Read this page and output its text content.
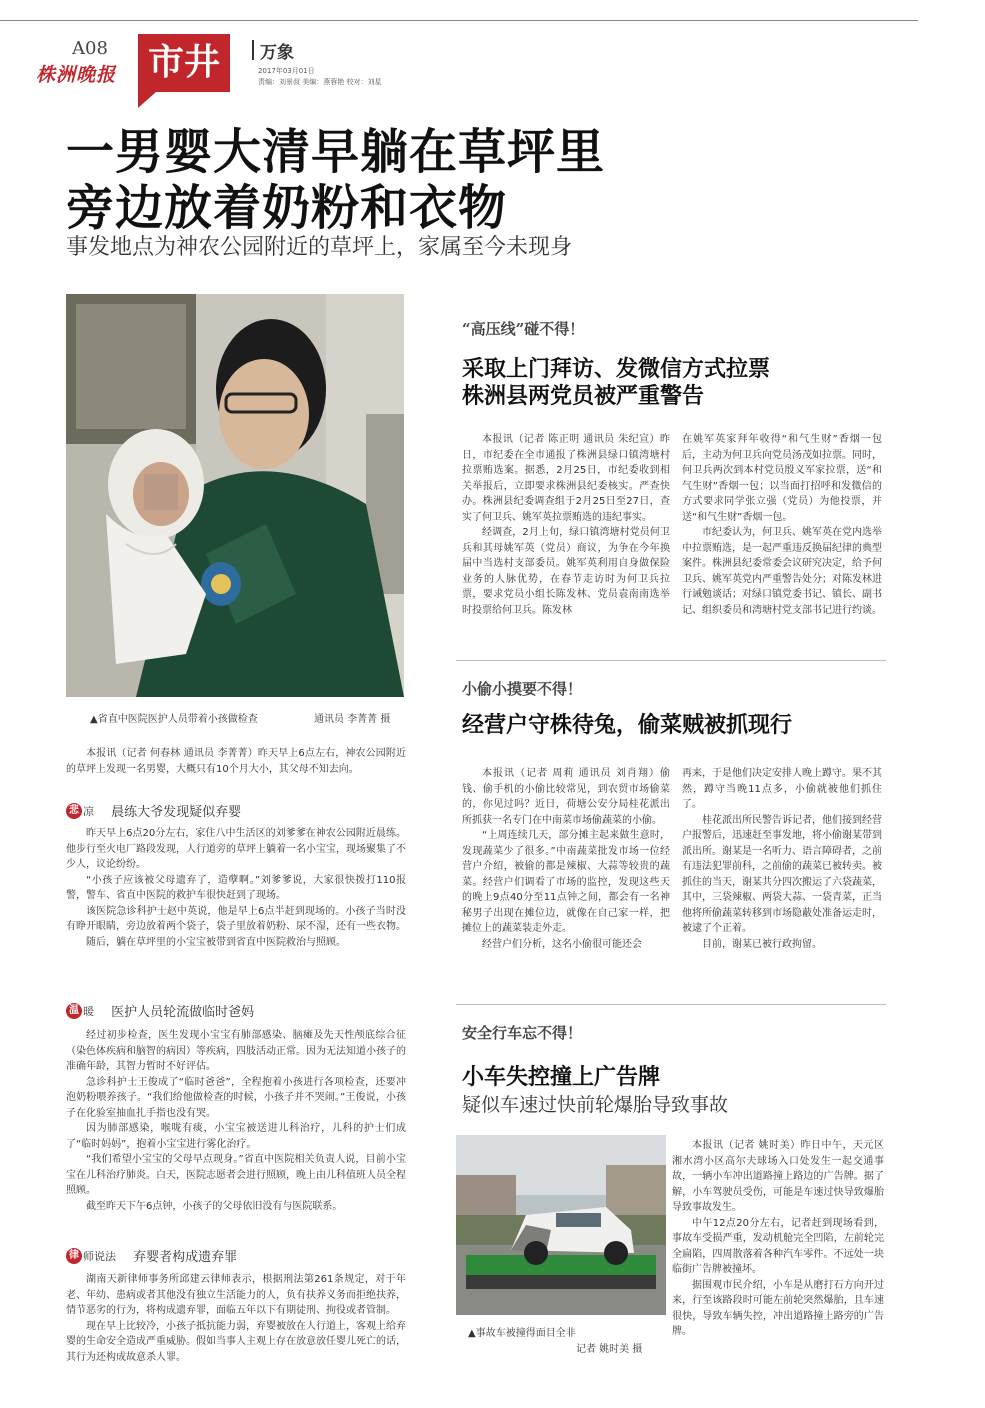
A08
株洲晚报 市井	万象
2017年03月01日
责编：刘景叔 美编：燕蓉艳 校对：刘星
一男婴大清早躺在草坪里
旁边放着奶粉和衣物
事发地点为神农公园附近的草坪上，家属至今未现身
▲省直中医院医护人员带着小孩做检查	通讯员 李菁菁 摄

本报讯（记者 何春林 通讯员 李菁菁）昨天早上6点左右，神农公园附近的草坪上发现一名男婴，大概只有10个月大小，其父母不知去向。

悲 凉 晨练大爷发现疑似弃婴

昨天早上6点20分左右，家住八中生活区的刘爹爹在神农公园附近晨练。他步行至火电厂路段发现，人行道旁的草坪上躺着一名小宝宝，现场聚集了不少人，议论纷纷。

“小孩子应该被父母遗弃了，造孽啊。”刘爹爹说，大家很快拨打110报警，警车、省直中医院的救护车很快赶到了现场。

该医院急诊科护士赵中英说，他是早上6点半赶到现场的。小孩子当时没有睁开眼睛，旁边放着两个袋子，袋子里放着奶粉、尿不湿，还有一些衣物。

随后，躺在草坪里的小宝宝被带到省直中医院救治与照顾。

温 暖 医护人员轮流做临时爸妈

经过初步检查，医生发现小宝宝有肺部感染、脑瘫及先天性颅底综合征（染色体疾病和脑智的病因）等疾病，四肢活动正常。因为无法知道小孩子的准确年龄，其智力暂时不好评估。

急诊科护士王俊成了“临时爸爸”，全程抱着小孩进行各项检查，还要冲泡奶粉喂养孩子。“我们给他做检查的时候，小孩子并不哭闹。”王俊说，小孩子在化验室抽血扎手指也没有哭。

因为肺部感染，喉咙有痰，小宝宝被送进儿科治疗，儿科的护士们成了“临时妈妈”，抱着小宝宝进行雾化治疗。

“我们希望小宝宝的父母早点现身。”省直中医院相关负责人说，目前小宝宝在儿科治疗肺炎。白天，医院志愿者会进行照顾，晚上由儿科值班人员全程照顾。

截至昨天下午6点钟，小孩子的父母依旧没有与医院联系。

律 师说法 弃婴者构成遗弃罪

湖南天新律师事务所邱建云律师表示，根据刑法第261条规定，对于年老、年幼、患病或者其他没有独立生活能力的人，负有扶养义务而拒绝扶养，情节恶劣的行为，将构成遗弃罪，面临五年以下有期徒刑、拘役或者管制。

现在早上比较冷，小孩子抵抗能力弱，弃婴被放在人行道上，客观上给弃婴的生命安全造成严重威胁。假如当事人主观上存在放意放任婴儿死亡的话，其行为还构成故意杀人罪。

“高压线”碰不得！
采取上门拜访、发微信方式拉票
株洲县两党员被严重警告

本报讯（记者 陈正明 通讯员 朱纪宣）昨日，市纪委在全市通报了株洲县绿口镇湾塘村拉票贿选案。据悉，2月25日，市纪委收到相关举报后，立即要求株洲县纪委核实。严查快办。株洲县纪委调查组于2月25日至27日，查实了何卫兵、姚军英拉票贿选的违纪事实。

经调查，2月上旬，绿口镇湾塘村党员何卫兵和其母姚军英（党员）商议，为争在今年换届中当选村支部委员。姚军英利用自身做保险业务的人脉优势，在春节走访时为何卫兵拉票，要求党员小组长陈发林、党员袁南南选举时投票给何卫兵。陈发林

在姚军英家拜年收得“和气生财”香烟一包后，主动为何卫兵向党员汤茂如拉票。同时，何卫兵两次到本村党员殷义军家拉票，送“和气生财”香烟一包；以当面打招呼和发微信的方式要求同学张立强（党员）为他投票，并送“和气生财”香烟一包。

市纪委认为，何卫兵、姚军英在党内选举中拉票贿选，是一起严重违反换届纪律的典型案件。株洲县纪委常委会议研究决定，给予何卫兵、姚军英党内严重警告处分；对陈发林进行诫勉谈话；对绿口镇党委书记、镇长、副书记、组织委员和湾塘村党支部书记进行约谈。

小偷小摸要不得！
经营户守株待兔，偷菜贼被抓现行

本报讯（记者 周莉 通讯员 刘肖翔）偷钱、偷手机的小偷比较常见，到农贸市场偷菜的，你见过吗？近日，荷塘公安分局桂花派出所抓获一名专门在中南菜市场偷蔬菜的小偷。

“上周连续几天，部分摊主起来做生意时，发现蔬菜少了很多。”中南蔬菜批发市场一位经营户介绍，被偷的都是辣椒、大蒜等较贵的蔬菜。经营户们调看了市场的监控，发现这些天的晚上9点40分至11点钟之间，都会有一名神秘男子出现在摊位边，就像在自己家一样，把摊位上的蔬菜装走外走。

经营户们分析，这名小偷很可能还会

再来，于是他们决定安排人晚上蹲守。果不其然，蹲守当晚11点多，小偷就被他们抓住了。

桂花派出所民警告诉记者，他们接到经营户报警后，迅速赶至事发地，将小偷谢某带到派出所。谢某是一名听力、语言障碍者，之前有违法犯罪前科，之前偷的蔬菜已被转卖。被抓住的当天，谢某共分四次搬运了六袋蔬菜，其中，三袋辣椒、两袋大蒜、一袋青菜，正当他将所偷蔬菜转移到市场隐蔽处准备运走时，被逮了个正着。

目前，谢某已被行政拘留。

安全行车忘不得！
小车失控撞上广告牌
疑似车速过快前轮爆胎导致事故
▲事故车被撞得面目全非
记者 姚时美 摄

本报讯（记者 姚时美）昨日中午，天元区湘水湾小区高尔夫球场入口处发生一起交通事故，一辆小车冲出道路撞上路边的广告牌。据了解，小车驾驶员受伤，可能是车速过快导致爆胎导致事故发生。

中午12点20分左右，记者赶到现场看到，事故车受损严重，发动机舱完全凹陷，左前轮完全扁陷，四周散落着各种汽车零件。不远处一块临街广告牌被撞坏。

据围观市民介绍，小车是从磨打石方向开过来，行至该路段时可能左前轮突然爆胎，且车速很快，导致车辆失控，冲出道路撞上路旁的广告牌。
